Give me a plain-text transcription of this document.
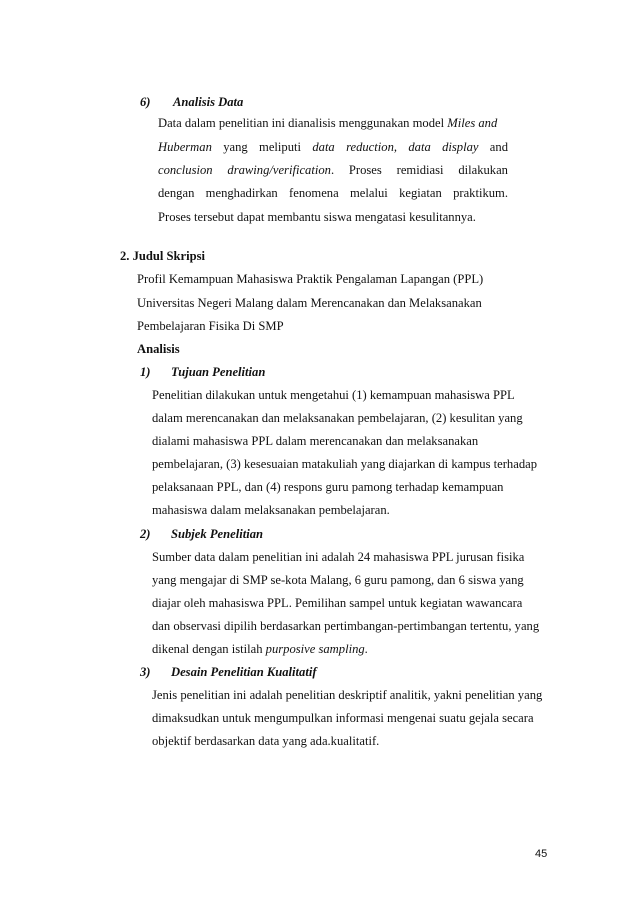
6) Analisis Data
Data dalam penelitian ini dianalisis menggunakan model Miles and
Huberman yang meliputi data reduction, data display and
conclusion drawing/verification. Proses remidiasi dilakukan
dengan menghadirkan fenomena melalui kegiatan praktikum.
Proses tersebut dapat membantu siswa mengatasi kesulitannya.
2. Judul Skripsi
Profil Kemampuan Mahasiswa Praktik Pengalaman Lapangan (PPL)
Universitas Negeri Malang dalam Merencanakan dan Melaksanakan
Pembelajaran Fisika Di SMP
Analisis
1) Tujuan Penelitian
Penelitian dilakukan untuk mengetahui (1) kemampuan mahasiswa PPL
dalam merencanakan dan melaksanakan pembelajaran, (2) kesulitan yang
dialami mahasiswa PPL dalam merencanakan dan melaksanakan
pembelajaran, (3) kesesuaian matakuliah yang diajarkan di kampus terhadap
pelaksanaan PPL, dan (4) respons guru pamong terhadap kemampuan
mahasiswa dalam melaksanakan pembelajaran.
2) Subjek Penelitian
Sumber data dalam penelitian ini adalah 24 mahasiswa PPL jurusan fisika
yang mengajar di SMP se-kota Malang, 6 guru pamong, dan 6 siswa yang
diajar oleh mahasiswa PPL. Pemilihan sampel untuk kegiatan wawancara
dan observasi dipilih berdasarkan pertimbangan-pertimbangan tertentu, yang
dikenal dengan istilah purposive sampling.
3) Desain Penelitian Kualitatif
Jenis penelitian ini adalah penelitian deskriptif analitik, yakni penelitian yang
dimaksudkan untuk mengumpulkan informasi mengenai suatu gejala secara
objektif berdasarkan data yang ada.kualitatif.
45
